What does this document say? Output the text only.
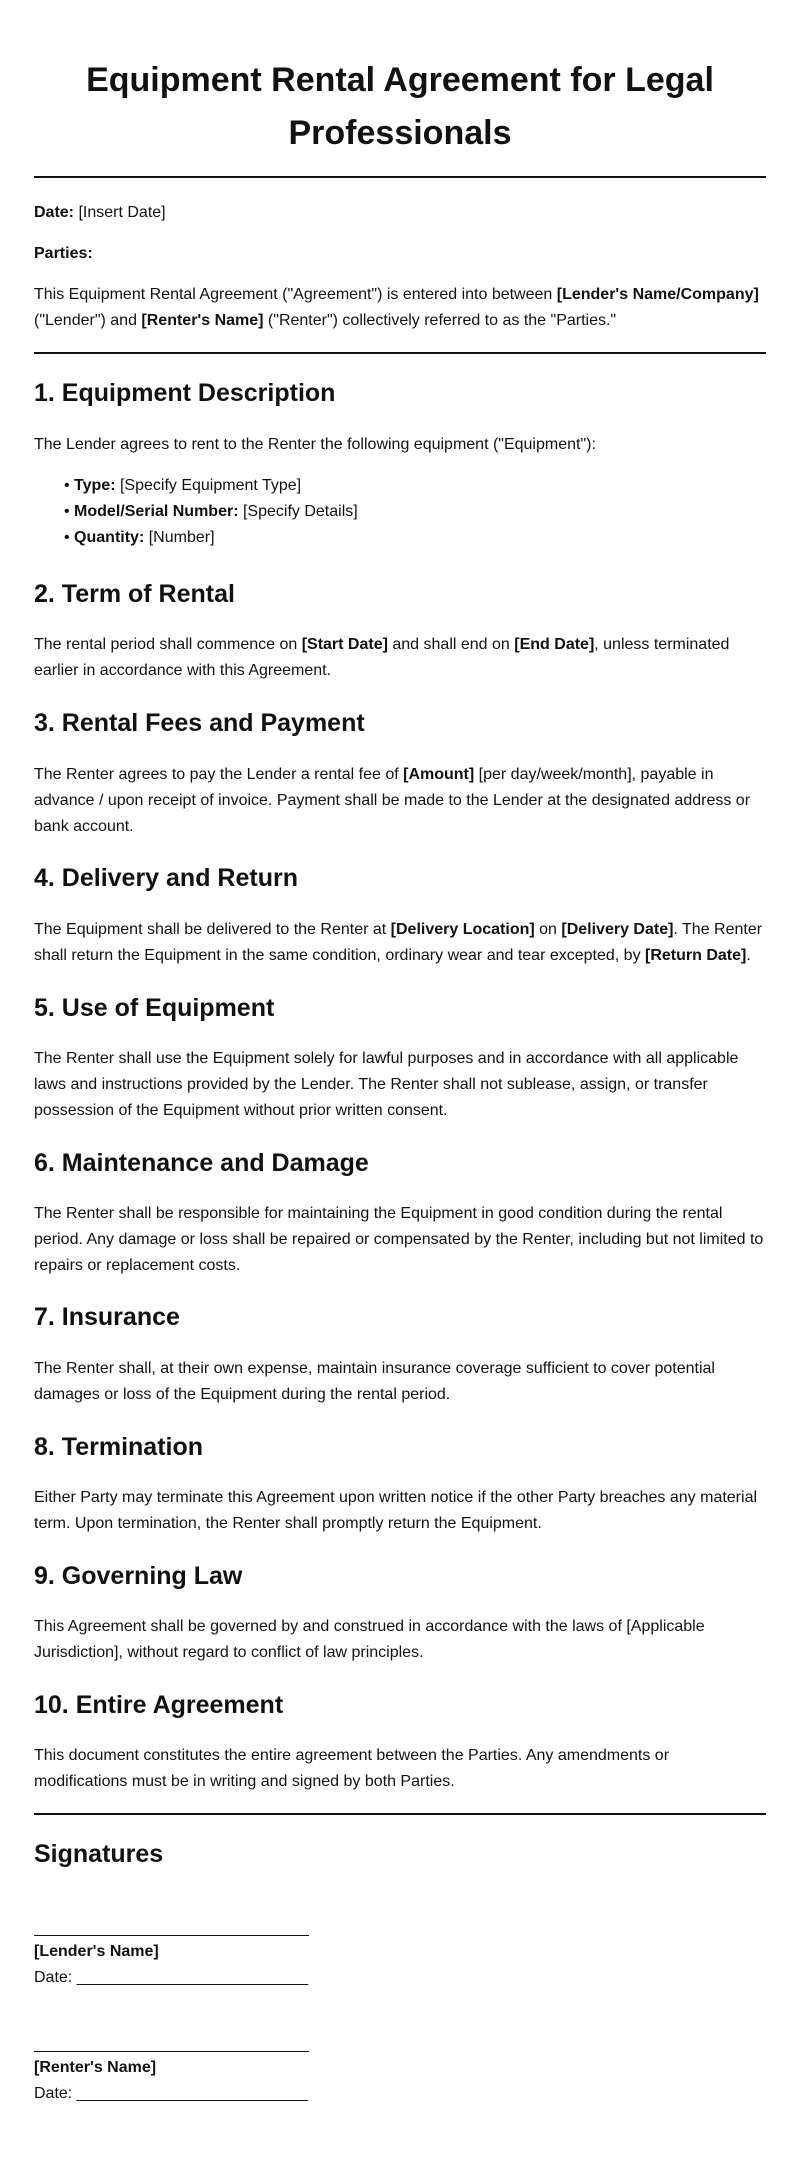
Equipment Rental Agreement for Legal Professionals

Date: [Insert Date]

Parties:

This Equipment Rental Agreement ("Agreement") is entered into between [Lender's Name/Company] ("Lender") and [Renter's Name] ("Renter") collectively referred to as the "Parties."

1. Equipment Description

The Lender agrees to rent to the Renter the following equipment ("Equipment"):

• Type: [Specify Equipment Type]
• Model/Serial Number: [Specify Details]
• Quantity: [Number]
2. Term of Rental

The rental period shall commence on [Start Date] and shall end on [End Date], unless terminated earlier in accordance with this Agreement.

3. Rental Fees and Payment

The Renter agrees to pay the Lender a rental fee of [Amount] [per day/week/month], payable in advance / upon receipt of invoice. Payment shall be made to the Lender at the designated address or bank account.

4. Delivery and Return

The Equipment shall be delivered to the Renter at [Delivery Location] on [Delivery Date]. The Renter shall return the Equipment in the same condition, ordinary wear and tear excepted, by [Return Date].

5. Use of Equipment

The Renter shall use the Equipment solely for lawful purposes and in accordance with all applicable laws and instructions provided by the Lender. The Renter shall not sublease, assign, or transfer possession of the Equipment without prior written consent.

6. Maintenance and Damage

The Renter shall be responsible for maintaining the Equipment in good condition during the rental period. Any damage or loss shall be repaired or compensated by the Renter, including but not limited to repairs or replacement costs.

7. Insurance

The Renter shall, at their own expense, maintain insurance coverage sufficient to cover potential damages or loss of the Equipment during the rental period.

8. Termination

Either Party may terminate this Agreement upon written notice if the other Party breaches any material term. Upon termination, the Renter shall promptly return the Equipment.

9. Governing Law

This Agreement shall be governed by and construed in accordance with the laws of [Applicable Jurisdiction], without regard to conflict of law principles.

10. Entire Agreement

This document constitutes the entire agreement between the Parties. Any amendments or modifications must be in writing and signed by both Parties.

Signatures

[Lender's Name]

Date: __________________________

[Renter's Name]

Date: __________________________
